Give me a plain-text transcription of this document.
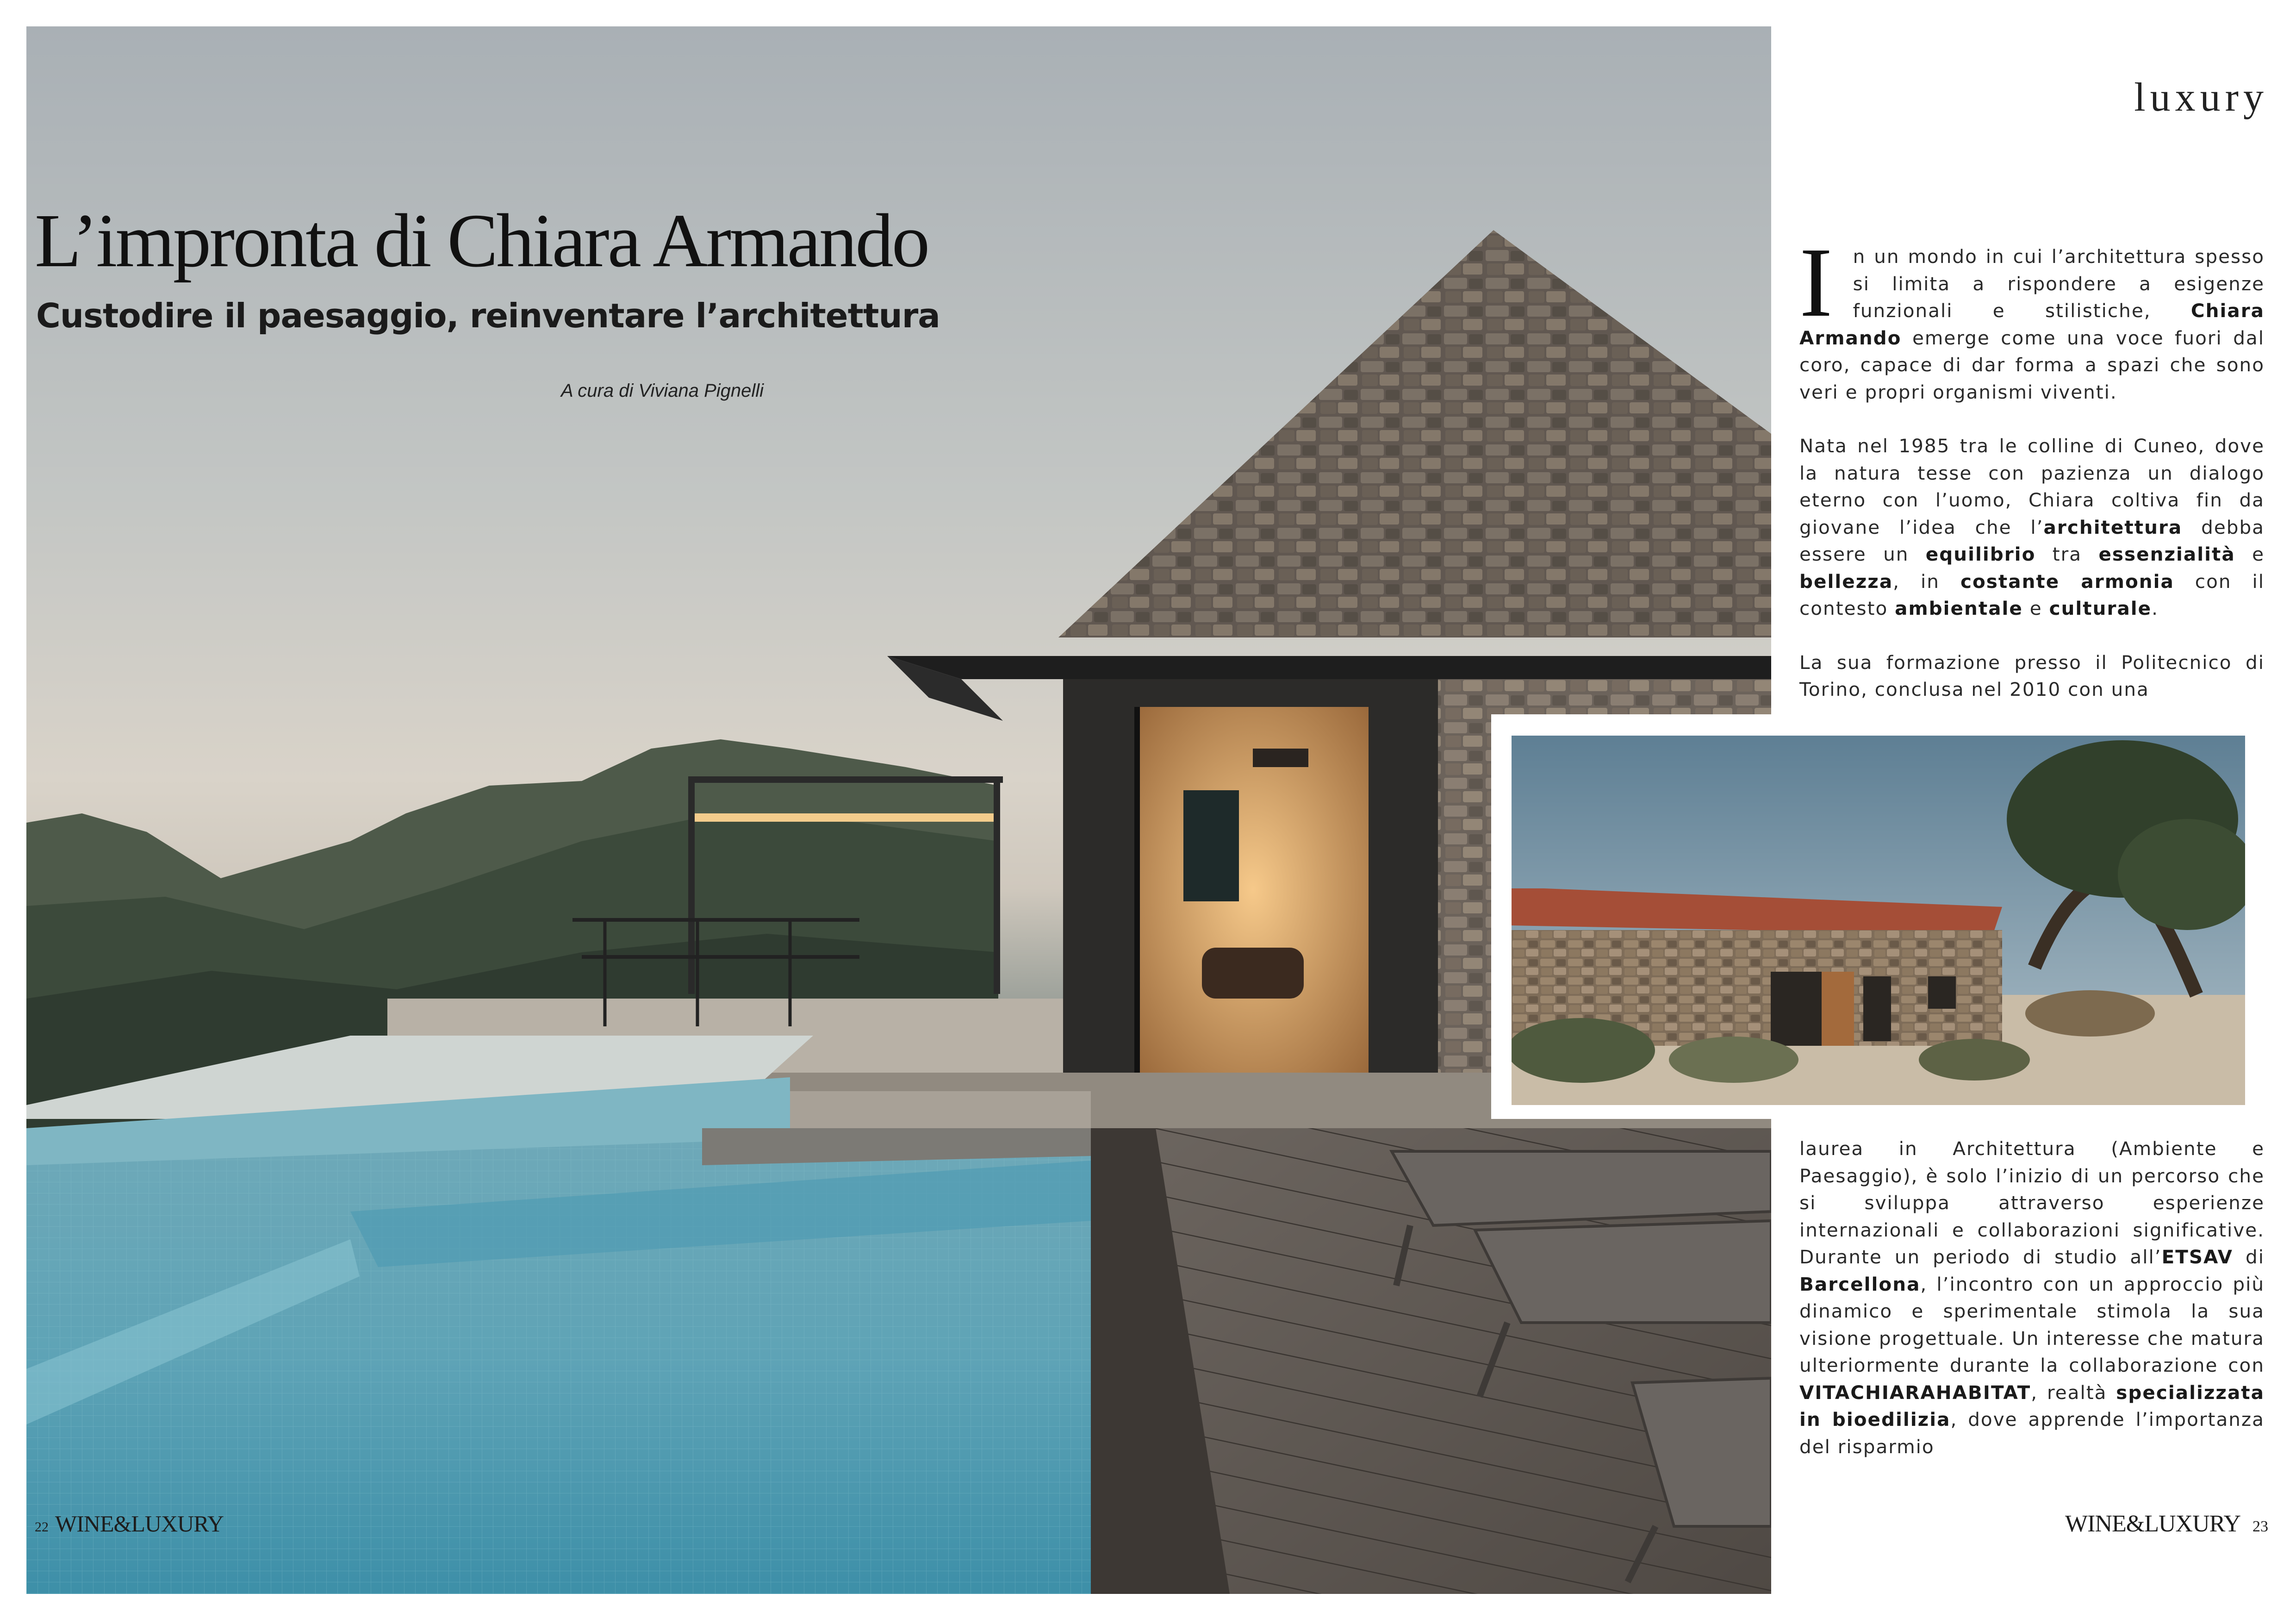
L’impronta di Chiara Armando
Custodire il paesaggio, reinventare l’architettura
A cura di Viviana Pignelli
22 WINE&LUXURY
luxury

I n un mondo in cui l’architettura spesso si limita a rispondere a esigenze funzionali e stilistiche, Chiara Armando emerge come una voce fuori dal coro, capace di dar forma a spazi che sono veri e propri organismi viventi.

Nata nel 1985 tra le colline di Cuneo, dove la natura tesse con pazienza un dialogo eterno con l’uomo, Chiara coltiva fin da giovane l’idea che l’architettura debba essere un equilibrio tra essenzialità e bellezza, in costante armonia con il contesto ambientale e culturale.

La sua formazione presso il Politecnico di Torino, conclusa nel 2010 con una

laurea in Architettura (Ambiente e Paesaggio), è solo l’inizio di un percorso che si sviluppa attraverso esperienze internazionali e collaborazioni significative. Durante un periodo di studio all’ETSAV di Barcellona, l’incontro con un approccio più dinamico e sperimentale stimola la sua visione progettuale. Un interesse che matura ulteriormente durante la collaborazione con VITACHIARAHABITAT, realtà specializzata in bioedilizia, dove apprende l’importanza del risparmio

WINE&LUXURY 23
